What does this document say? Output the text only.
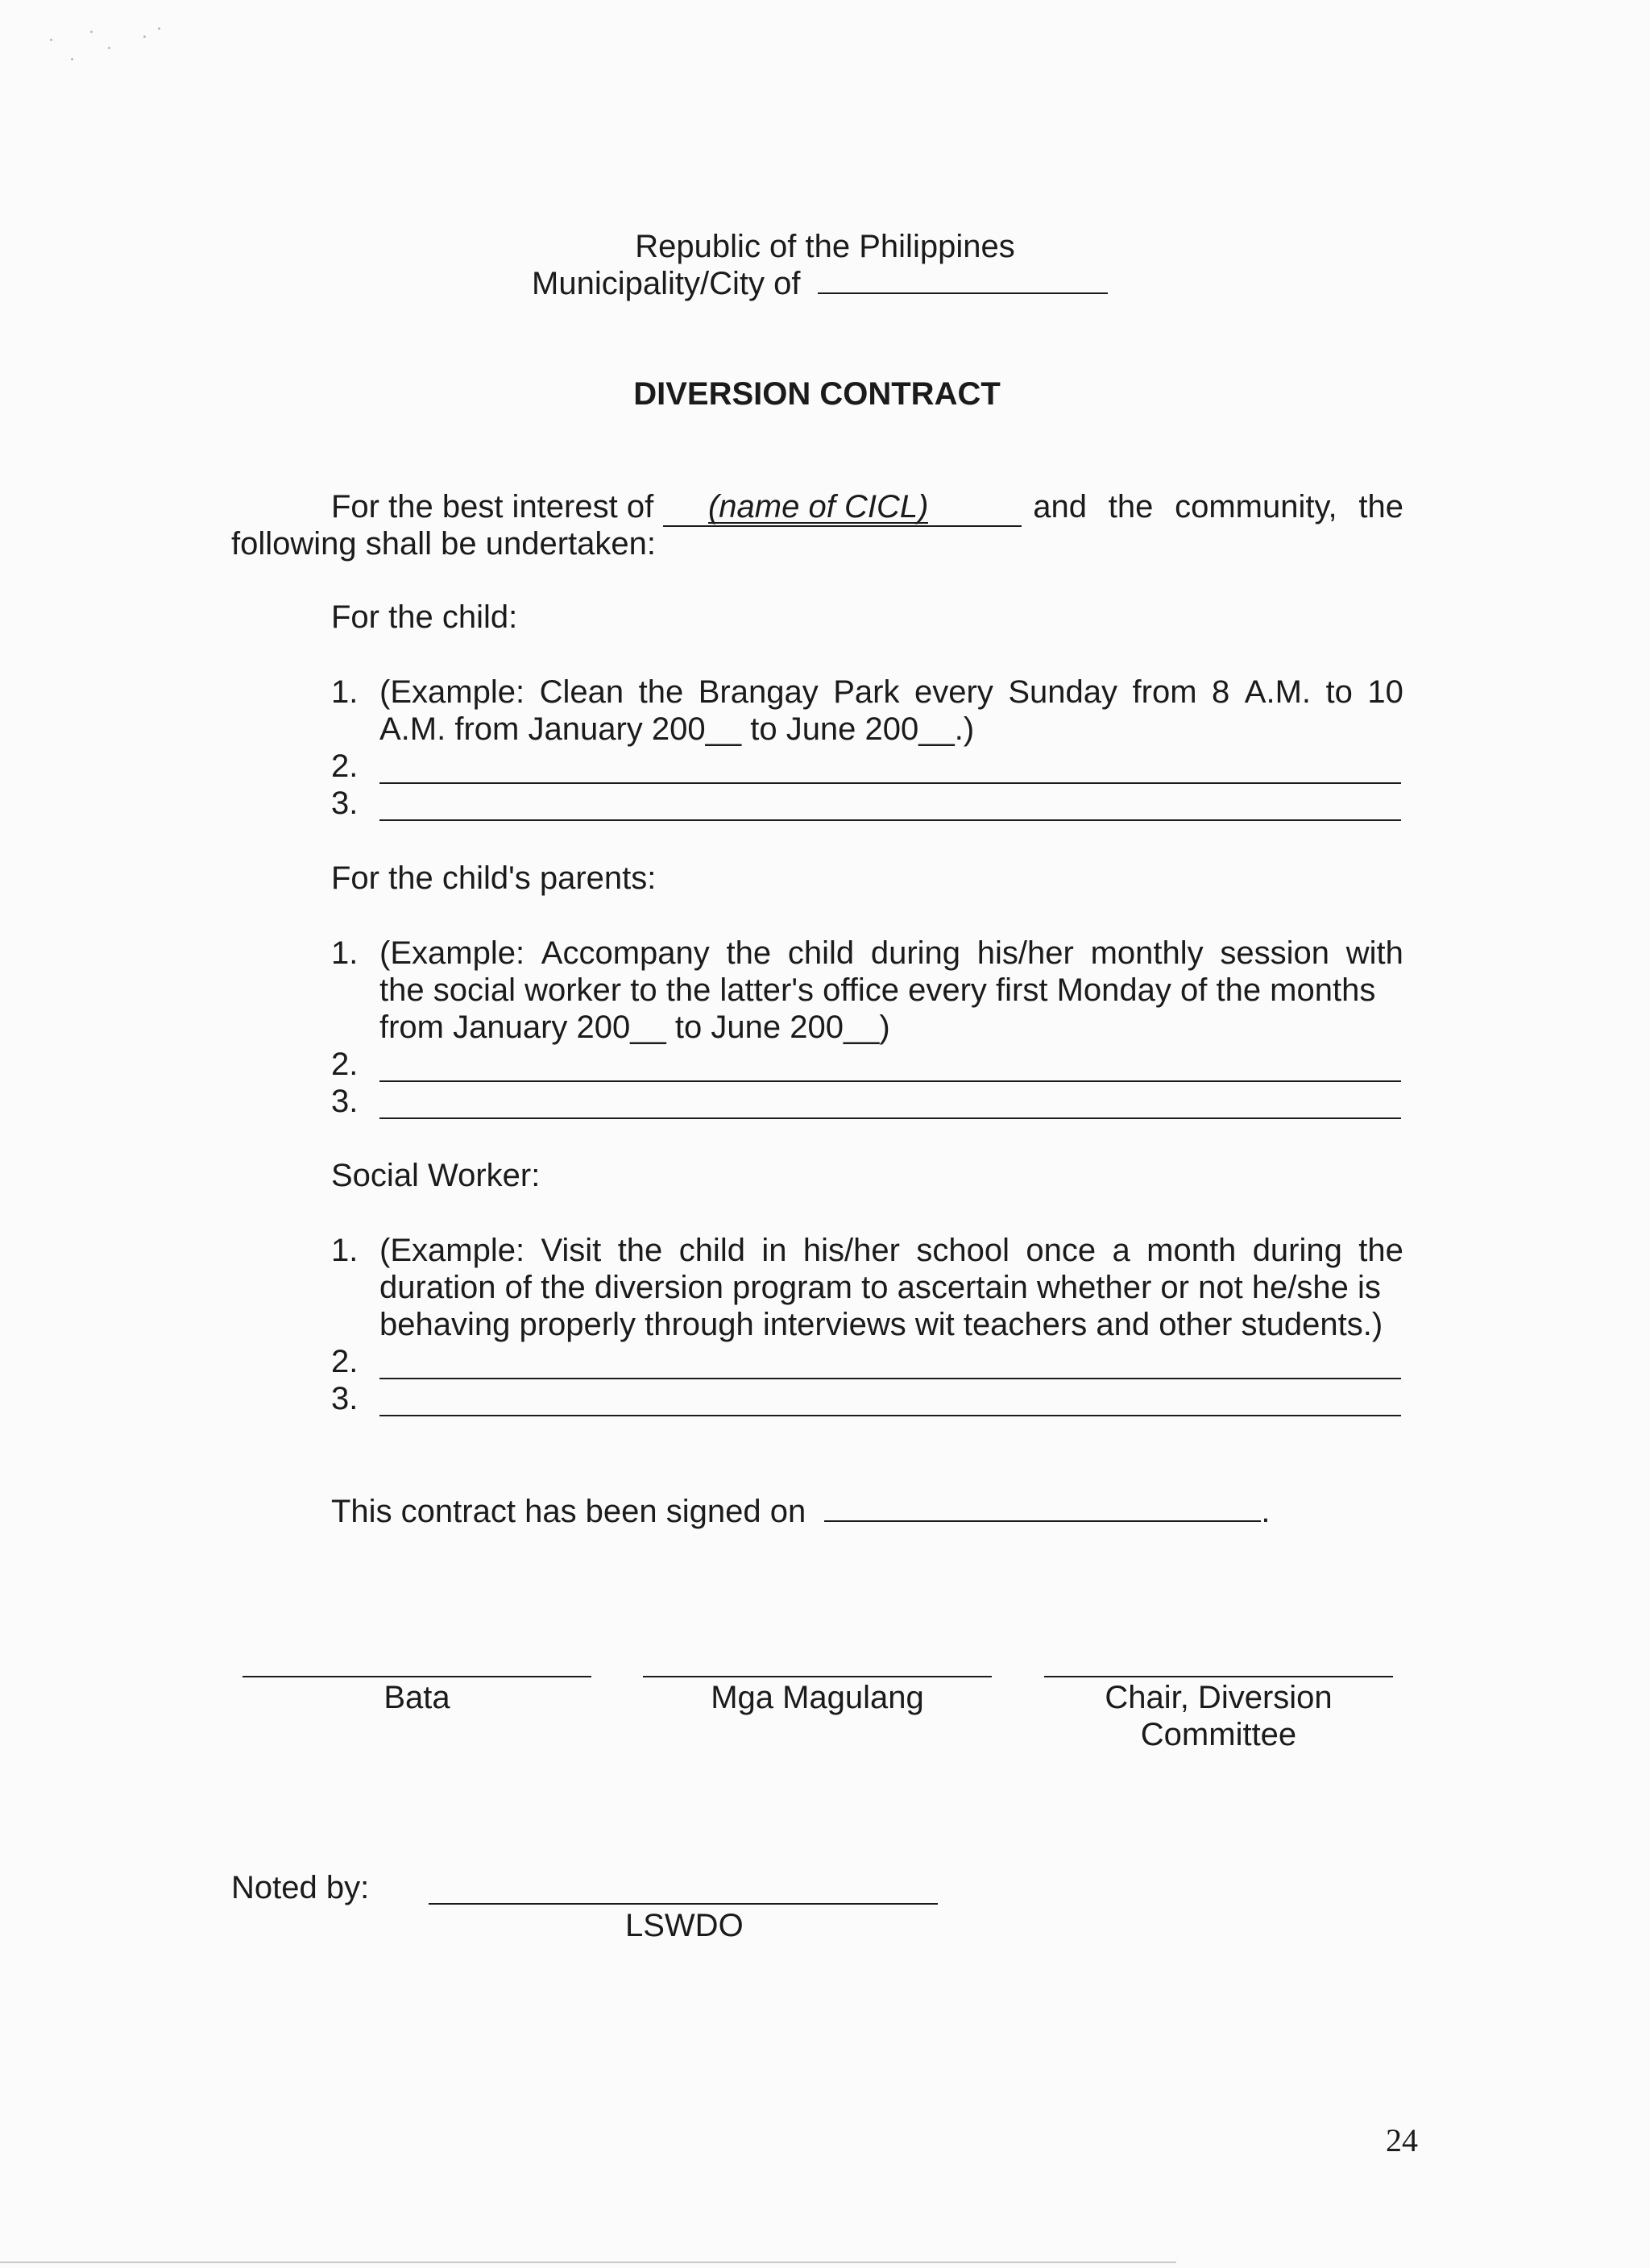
Republic of the Philippines
Municipality/City of
DIVERSION CONTRACT
For the best interest of	(name of CICL)	and the community, the
following shall be undertaken:
For the child:
1. (Example: Clean the Brangay Park every Sunday from 8 A.M. to 10
A.M. from January 200__ to June 200__.)
2.
3.
For the child's parents:
1. (Example: Accompany the child during his/her monthly session with
the social worker to the latter's office every first Monday of the months
from January 200__ to June 200__)
2.
3.
Social Worker:
1. (Example: Visit the child in his/her school once a month during the
duration of the diversion program to ascertain whether or not he/she is
behaving properly through interviews wit teachers and other students.)
2.
3.
This contract has been signed on	.
Bata	Mga Magulang	Chair, Diversion
Committee
Noted by:
LSWDO
24
